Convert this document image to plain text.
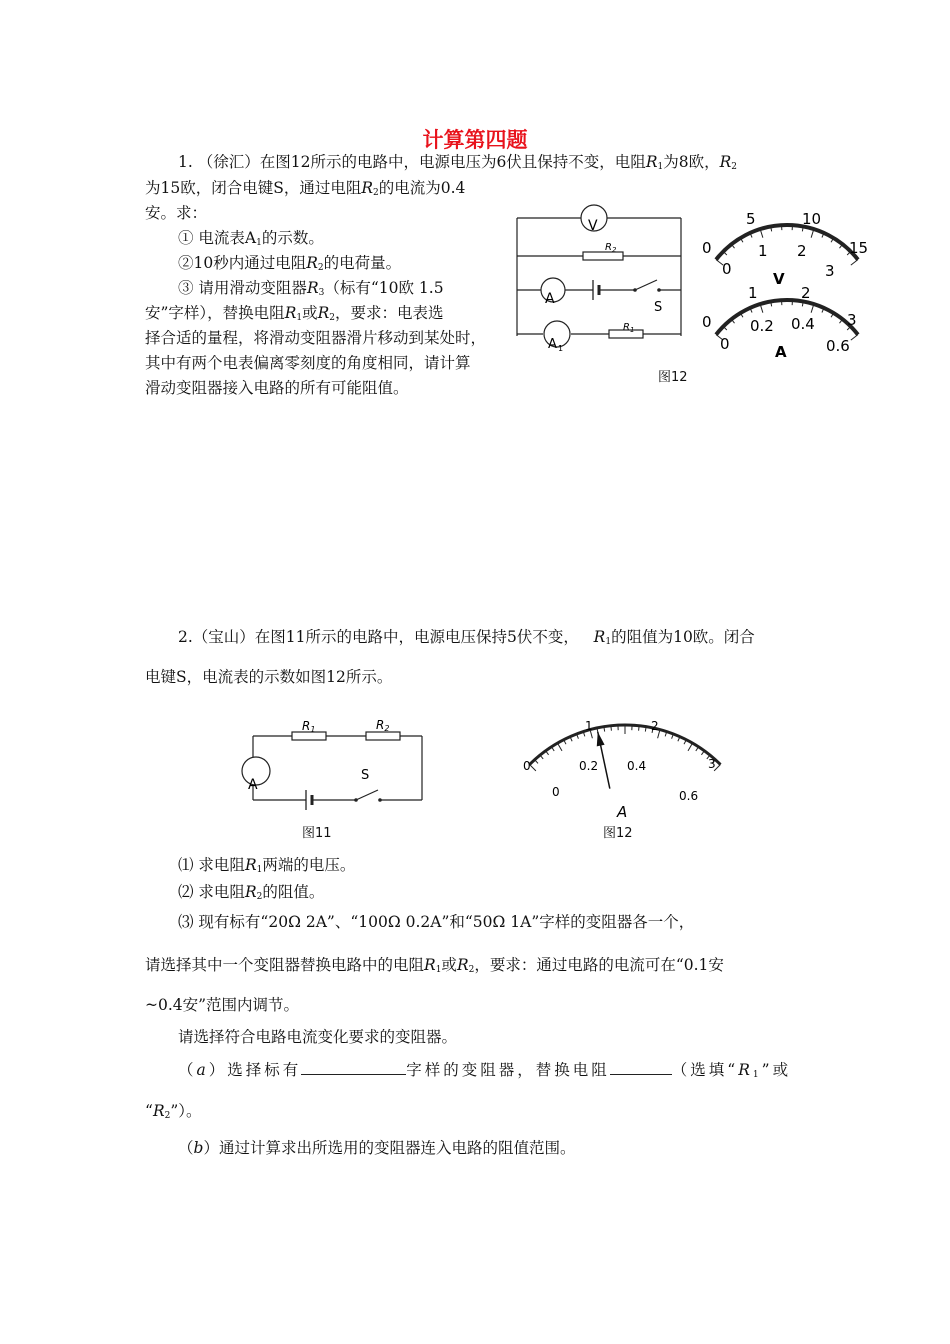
计算第四题
1. （徐汇）在图12所示的电路中，电源电压为6伏且保持不变，电阻$R_1$为8欧，$R_2$
为15欧，闭合电键S，通过电阻$R_2$的电流为0.4
安。求：
① 电流表$A_1$的示数。
②10秒内通过电阻$R_2$的电荷量。
③ 请用滑动变阻器$R_3$（标有“10欧 1.5
安”字样），替换电阻$R_1$或$R_2$，要求：电表选
择合适的量程，将滑动变阻器滑片移动到某处时，
其中有两个电表偏离零刻度的角度相同，请计算
滑动变阻器接入电路的所有可能阻值。
V
A
S
A 1
$R_2$
$R_1$
图12
0
5	10
15
0
1 2
3
V
0
1	2
3
0
0.2 0.4
0.6
A
2.（宝山）在图11所示的电路中，电源电压保持5伏不变， $R_1$的阻值为10欧。闭合
电键S，电流表的示数如图12所示。
A
S
R1	R2
图11
0
1	2
3
0
0.2 0.4
0.6
A
图12
⑴ 求电阻$R_1$两端的电压。
⑵ 求电阻$R_2$的阻值。
⑶ 现有标有“20Ω 2Α”、“100Ω 0.2Α”和“50Ω 1Α”字样的变阻器各一个，
请选择其中一个变阻器替换电路中的电阻$R_1$或$R_2$，要求：通过电路的电流可在“0.1安
~0.4安”范围内调节。
请选择符合电路电流变化要求的变阻器。
（a）选择标有	字样的变阻器，替换电阻	（选填“$R_1$”或
“$R_2$”）。
（b）通过计算求出所选用的变阻器连入电路的阻值范围。
